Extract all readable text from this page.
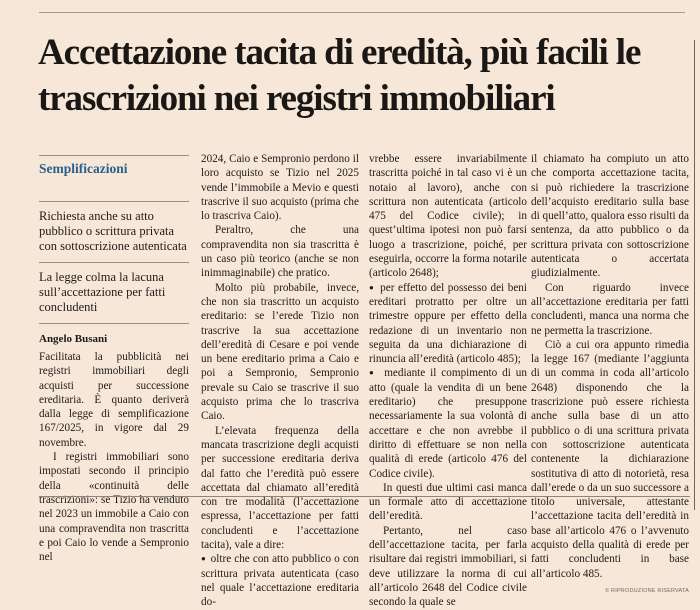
Accettazione tacita di eredità, più facili le trascrizioni nei registri immobiliari
Semplificazioni
Richiesta anche su atto pubblico o scrittura privata con sottoscrizione autenticata
La legge colma la lacuna sull’accettazione per fatti concludenti
Angelo Busani

Facilitata la pubblicità nei registri immobiliari degli acquisti per successione ereditaria. È quanto deriverà dalla legge di semplificazione 167/2025, in vigore dal 29 novembre.

I registri immobiliari sono impostati secondo il principio della «continuità delle trascrizioni»: se Tizio ha venduto nel 2023 un immobile a Caio con una compravendita non trascritta e poi Caio lo vende a Sempronio nel

2024, Caio e Sempronio perdono il loro acquisto se Tizio nel 2025 vende l’immobile a Mevio e questi trascrive il suo acquisto (prima che lo trascriva Caio).

Peraltro, che una compravendita non sia trascritta è un caso più teorico (anche se non inimmaginabile) che pratico.

Molto più probabile, invece, che non sia trascritto un acquisto ereditario: se l’erede Tizio non trascrive la sua accettazione dell’eredità di Cesare e poi vende un bene ereditario prima a Caio e poi a Sempronio, Sempronio prevale su Caio se trascrive il suo acquisto prima che lo trascriva Caio.

L’elevata frequenza della mancata trascrizione degli acquisti per successione ereditaria deriva dal fatto che l’eredità può essere accettata dal chiamato all’eredità con tre modalità (l’accettazione espressa, l’accettazione per fatti concludenti e l’accettazione tacita), vale a dire:

●  oltre che con atto pubblico o con scrittura privata autenticata (caso nel quale l’accettazione ereditaria do-

vrebbe essere invariabilmente trascritta poiché in tal caso vi è un notaio al lavoro), anche con scrittura non autenticata (articolo 475 del Codice civile); in quest’ultima ipotesi non può farsi luogo a trascrizione, poiché, per eseguirla, occorre la forma notarile (articolo 2648);

●  per effetto del possesso dei beni ereditari protratto per oltre un trimestre oppure per effetto della redazione di un inventario non seguita da una dichiarazione di rinuncia all’eredità (articolo 485);

●  mediante il compimento di un atto (quale la vendita di un bene ereditario) che presuppone necessariamente la sua volontà di accettare e che non avrebbe il diritto di effettuare se non nella qualità di erede (articolo 476 del Codice civile).

In questi due ultimi casi manca un formale atto di accettazione dell’eredità.

Pertanto, nel caso dell’accettazione tacita, per farla risultare dai registri immobiliari, si deve utilizzare la norma di cui all’articolo 2648 del Codice civile secondo la quale se

il chiamato ha compiuto un atto che comporta accettazione tacita, si può richiedere la trascrizione dell’acquisto ereditario sulla base di quell’atto, qualora esso risulti da sentenza, da atto pubblico o da scrittura privata con sottoscrizione autenticata o accertata giudizialmente.

Con riguardo invece all’accettazione ereditaria per fatti concludenti, manca una norma che ne permetta la trascrizione.

Ciò a cui ora appunto rimedia la legge 167 (mediante l’aggiunta di un comma in coda all’articolo 2648) disponendo che la trascrizione può essere richiesta anche sulla base di un atto pubblico o di una scrittura privata con sottoscrizione autenticata contenente la dichiarazione sostitutiva di atto di notorietà, resa dall’erede o da un suo successore a titolo universale, attestante l’accettazione tacita dell’eredità in base all’articolo 476 o l’avvenuto acquisto della qualità di erede per fatti concludenti in base all’articolo 485.

© RIPRODUZIONE RISERVATA
